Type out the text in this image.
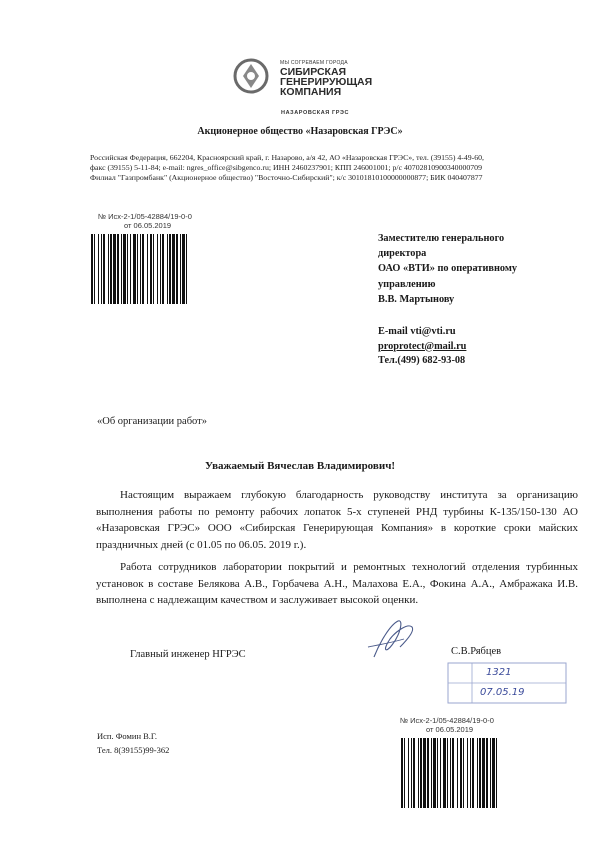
МЫ СОГРЕВАЕМ ГОРОДА
СИБИРСКАЯ
ГЕНЕРИРУЮЩАЯ
КОМПАНИЯ
НАЗАРОВСКАЯ ГРЭС
Акционерное общество «Назаровская ГРЭС»
Российская Федерация, 662204, Красноярский край, г. Назарово, а/я 42, АО «Назаровская ГРЭС», тел. (39155) 4-49-60,
факс (39155) 5-11-84; e-mail: ngres_office@sibgenco.ru; ИНН 2460237901; КПП 246001001; р/с 40702810900340000709
Филиал "Газпромбанк" (Акционерное общество) "Восточно-Сибирский"; к/с 30101810100000000877; БИК 040407877
№ Исх-2-1/05-42884/19-0-0
от 06.05.2019
Заместителю генерального
директора
ОАО «ВТИ» по оперативному
управлению
В.В. Мартынову
E-mail vti@vti.ru
proprotect@mail.ru
Тел.(499) 682-93-08
«Об организации работ»
Уважаемый Вячеслав Владимирович!
Настоящим выражаем глубокую благодарность руководству института за организацию выполнения работы по ремонту рабочих лопаток 5-х ступеней РНД турбины К-135/150-130 АО «Назаровская ГРЭС» ООО «Сибирская Генерирующая Компания» в короткие сроки майских праздничных дней (с 01.05 по 06.05. 2019 г.).
Работа сотрудников лаборатории покрытий и ремонтных технологий отделения турбинных установок в составе Белякова А.В., Горбачева А.Н., Малахова Е.А., Фокина А.А., Амбражака И.В. выполнена с надлежащим качеством и заслуживает высокой оценки.
Главный инженер НГРЭС	С.В.Рябцев
1321
07.05.19
№ Исх-2-1/05-42884/19-0-0
от 06.05.2019
Исп. Фомин В.Г.
Тел. 8(39155)99-362
